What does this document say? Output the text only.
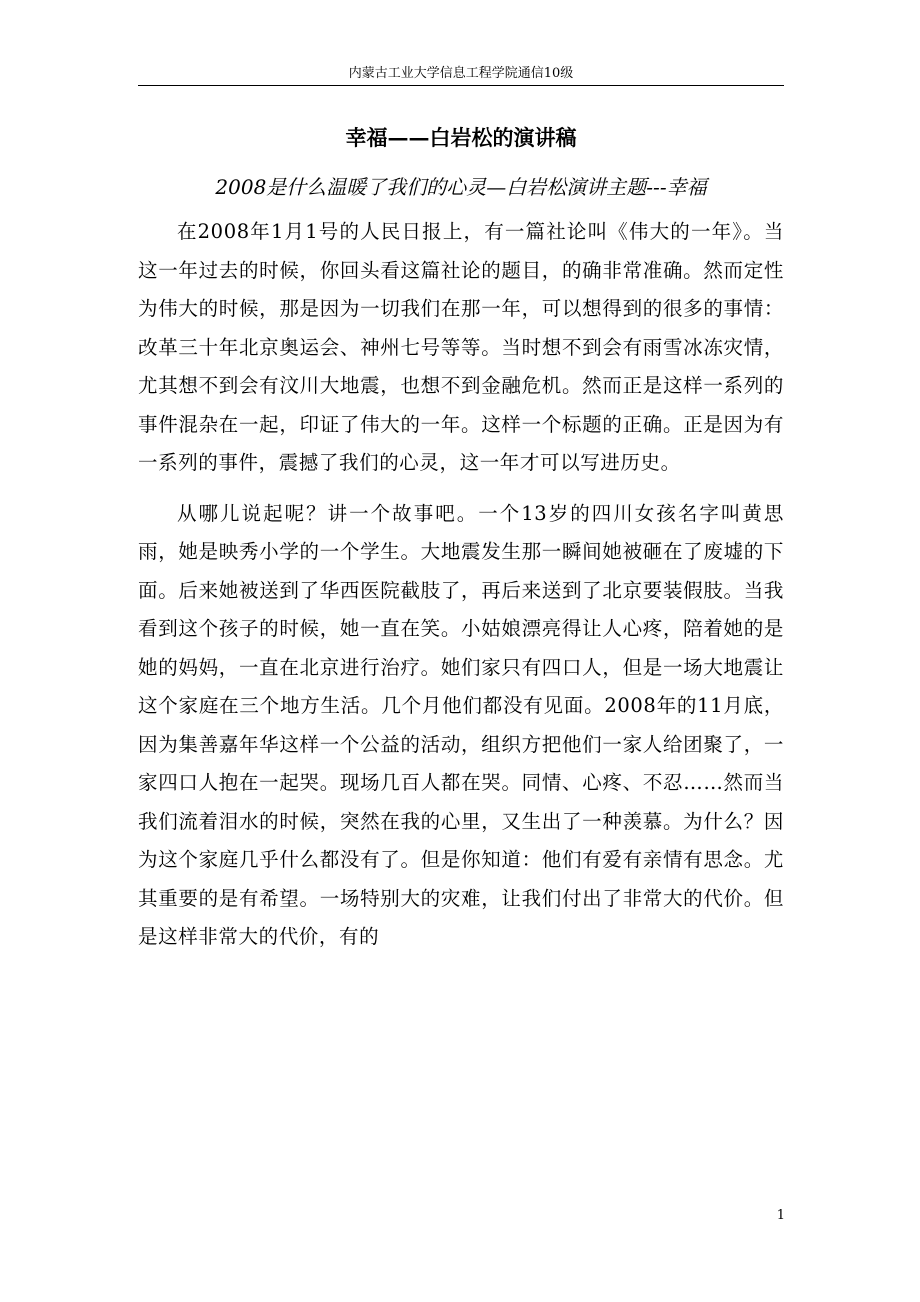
内蒙古工业大学信息工程学院通信10级
幸福——白岩松的演讲稿
2008是什么温暖了我们的心灵—白岩松演讲主题---幸福

在2008年1月1号的人民日报上，有一篇社论叫《伟大的一年》。当这一年过去的时候，你回头看这篇社论的题目，的确非常准确。然而定性为伟大的时候，那是因为一切我们在那一年，可以想得到的很多的事情：改革三十年北京奥运会、神州七号等等。当时想不到会有雨雪冰冻灾情，尤其想不到会有汶川大地震，也想不到金融危机。然而正是这样一系列的事件混杂在一起，印证了伟大的一年。这样一个标题的正确。正是因为有一系列的事件，震撼了我们的心灵，这一年才可以写进历史。

从哪儿说起呢？讲一个故事吧。一个13岁的四川女孩名字叫黄思雨，她是映秀小学的一个学生。大地震发生那一瞬间她被砸在了废墟的下面。后来她被送到了华西医院截肢了，再后来送到了北京要装假肢。当我看到这个孩子的时候，她一直在笑。小姑娘漂亮得让人心疼，陪着她的是她的妈妈，一直在北京进行治疗。她们家只有四口人，但是一场大地震让这个家庭在三个地方生活。几个月他们都没有见面。2008年的11月底，因为集善嘉年华这样一个公益的活动，组织方把他们一家人给团聚了，一家四口人抱在一起哭。现场几百人都在哭。同情、心疼、不忍……然而当我们流着泪水的时候，突然在我的心里，又生出了一种羡慕。为什么？因为这个家庭几乎什么都没有了。但是你知道：他们有爱有亲情有思念。尤其重要的是有希望。一场特别大的灾难，让我们付出了非常大的代价。但是这样非常大的代价，有的

1
